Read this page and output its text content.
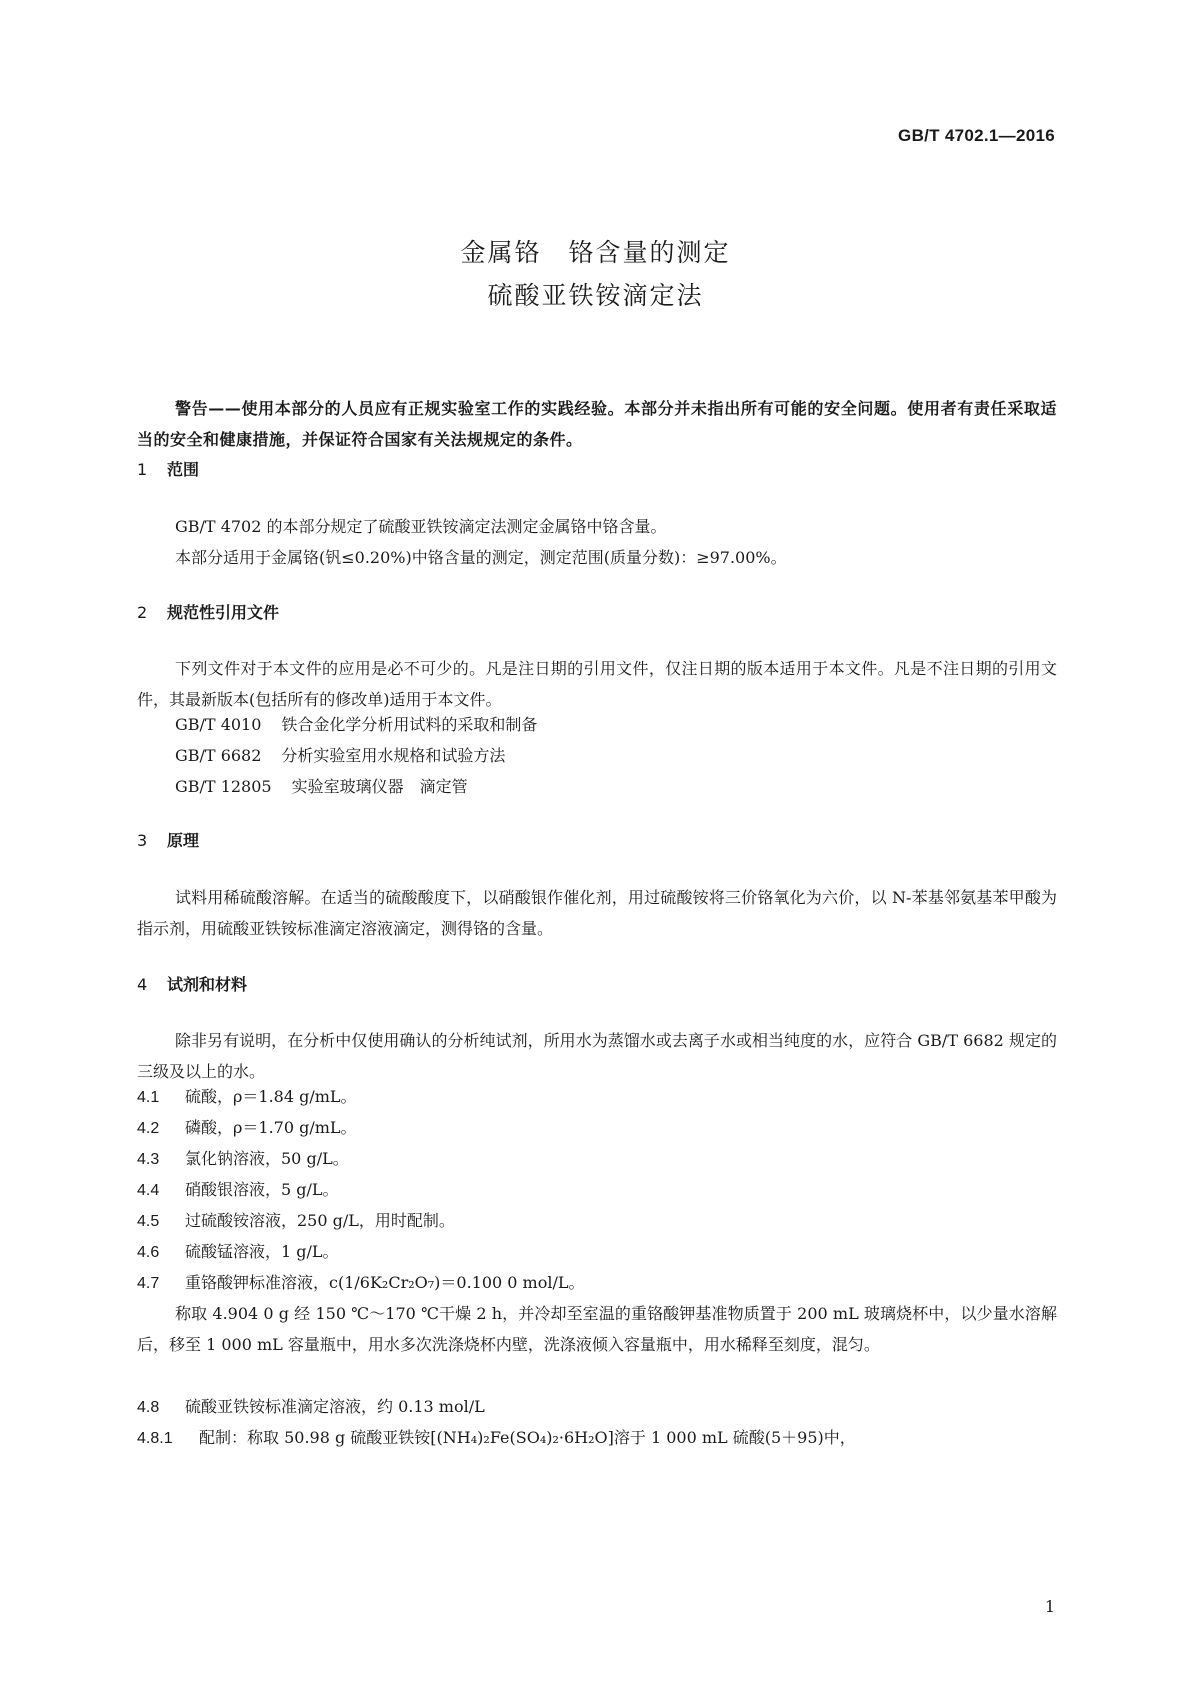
GB/T 4702.1—2016
金属铬　铬含量的测定
硫酸亚铁铵滴定法
警告——使用本部分的人员应有正规实验室工作的实践经验。本部分并未指出所有可能的安全问题。使用者有责任采取适当的安全和健康措施，并保证符合国家有关法规规定的条件。
1 范围
GB/T 4702 的本部分规定了硫酸亚铁铵滴定法测定金属铬中铬含量。
本部分适用于金属铬(钒≤0.20%)中铬含量的测定，测定范围(质量分数)：≥97.00%。
2 规范性引用文件
下列文件对于本文件的应用是必不可少的。凡是注日期的引用文件，仅注日期的版本适用于本文件。凡是不注日期的引用文件，其最新版本(包括所有的修改单)适用于本文件。
GB/T 4010 铁合金化学分析用试料的采取和制备
GB/T 6682 分析实验室用水规格和试验方法
GB/T 12805 实验室玻璃仪器　滴定管
3 原理
试料用稀硫酸溶解。在适当的硫酸酸度下，以硝酸银作催化剂，用过硫酸铵将三价铬氧化为六价，以 N-苯基邻氨基苯甲酸为指示剂，用硫酸亚铁铵标准滴定溶液滴定，测得铬的含量。
4 试剂和材料
除非另有说明，在分析中仅使用确认的分析纯试剂，所用水为蒸馏水或去离子水或相当纯度的水，应符合 GB/T 6682 规定的三级及以上的水。
4.1 硫酸，ρ＝1.84 g/mL。
4.2 磷酸，ρ＝1.70 g/mL。
4.3 氯化钠溶液，50 g/L。
4.4 硝酸银溶液，5 g/L。
4.5 过硫酸铵溶液，250 g/L，用时配制。
4.6 硫酸锰溶液，1 g/L。
4.7 重铬酸钾标准溶液，c(1/6K₂Cr₂O₇)＝0.100 0 mol/L。
称取 4.904 0 g 经 150 ℃～170 ℃干燥 2 h，并冷却至室温的重铬酸钾基准物质置于 200 mL 玻璃烧杯中，以少量水溶解后，移至 1 000 mL 容量瓶中，用水多次洗涤烧杯内壁，洗涤液倾入容量瓶中，用水稀释至刻度，混匀。
4.8 硫酸亚铁铵标准滴定溶液，约 0.13 mol/L
4.8.1 配制：称取 50.98 g 硫酸亚铁铵[(NH₄)₂Fe(SO₄)₂·6H₂O]溶于 1 000 mL 硫酸(5＋95)中，
1
